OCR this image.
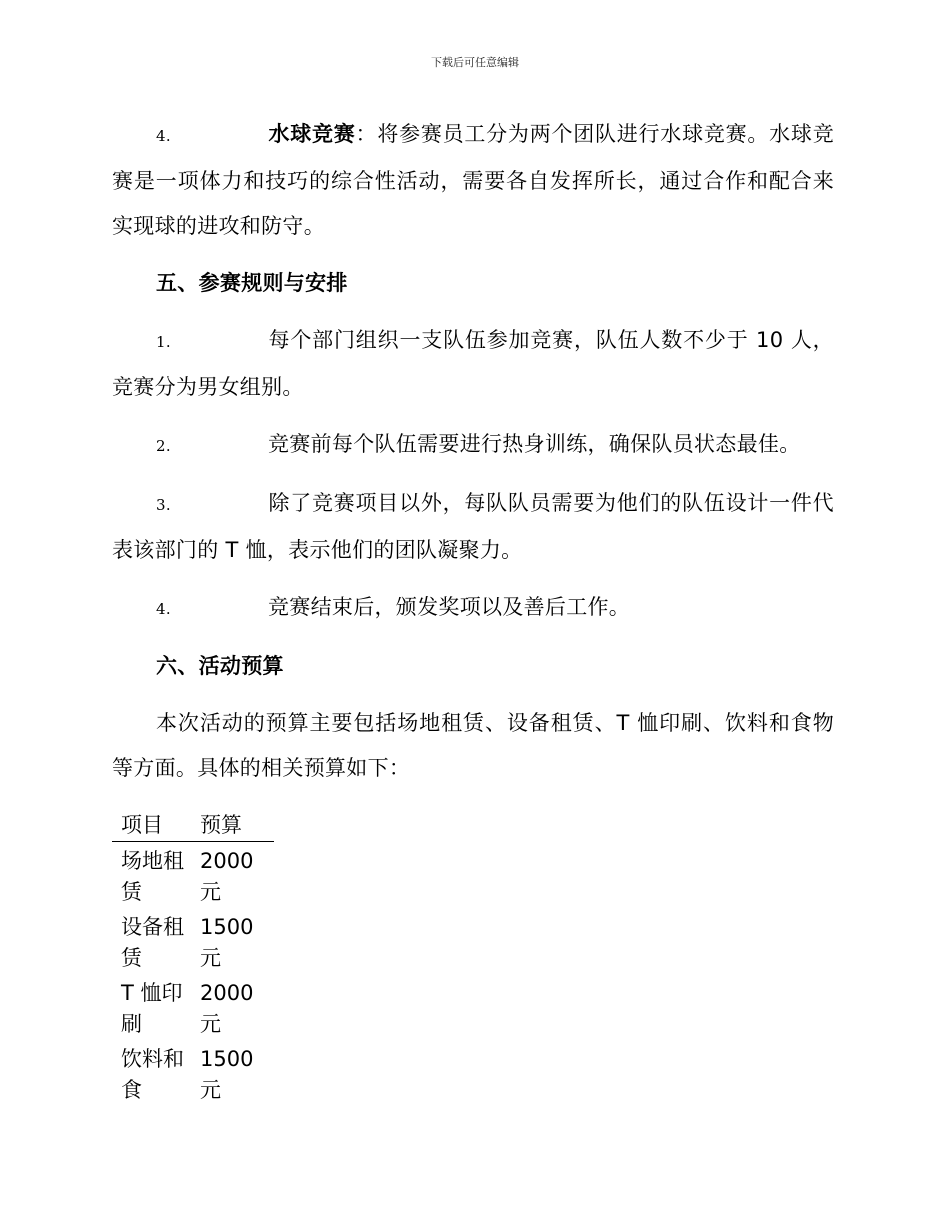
下载后可任意编辑

4.	水球竞赛：将参赛员工分为两个团队进行水球竞赛。水球竞赛是一项体力和技巧的综合性活动，需要各自发挥所长，通过合作和配合来实现球的进攻和防守。

五、参赛规则与安排

1.	每个部门组织一支队伍参加竞赛，队伍人数不少于 10 人，竞赛分为男女组别。

2.	竞赛前每个队伍需要进行热身训练，确保队员状态最佳。

3.	除了竞赛项目以外，每队队员需要为他们的队伍设计一件代表该部门的 T 恤，表示他们的团队凝聚力。

4.	竞赛结束后，颁发奖项以及善后工作。

六、活动预算

本次活动的预算主要包括场地租赁、设备租赁、T 恤印刷、饮料和食物等方面。具体的相关预算如下：

项目	预算
场地租赁	2000 元
设备租赁	1500 元
T 恤印刷	2000 元
饮料和食	1500 元
